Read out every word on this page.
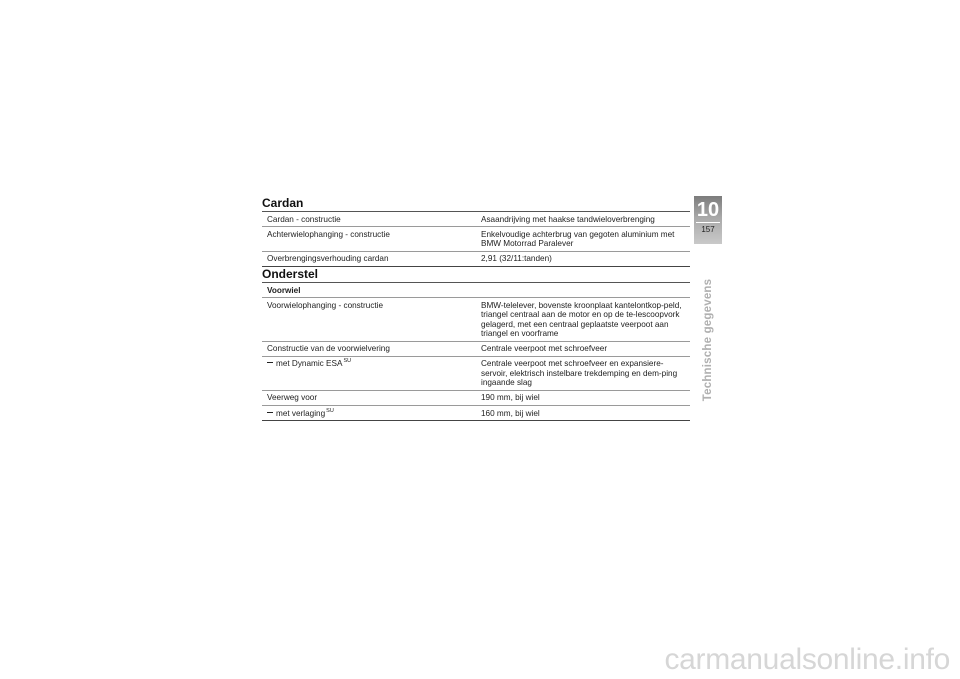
Cardan
Cardan - constructie	Asaandrijving met haakse tandwieloverbrenging
Achterwielophanging - constructie	Enkelvoudige achterbrug van gegoten aluminium met BMW Motorrad Paralever
Overbrengingsverhouding cardan	2,91 (32/11:tanden)
Onderstel
Voorwiel	
Voorwielophanging - constructie	BMW-telelever, bovenste kroonplaat kantelontkop-peld, triangel centraal aan de motor en op de te-lescoopvork gelagerd, met een centraal geplaatste veerpoot aan triangel en voorframe
Constructie van de voorwielvering	Centrale veerpoot met schroefveer
met Dynamic $ESA^{SU}$	Centrale veerpoot met schroefveer en expansiere-servoir, elektrisch instelbare trekdemping en dem-ping ingaande slag
Veerweg voor	190 mm, bij wiel
met verlaging$^{SU}$	160 mm, bij wiel
10
157
Technische gegevens
carmanualsonline.info
